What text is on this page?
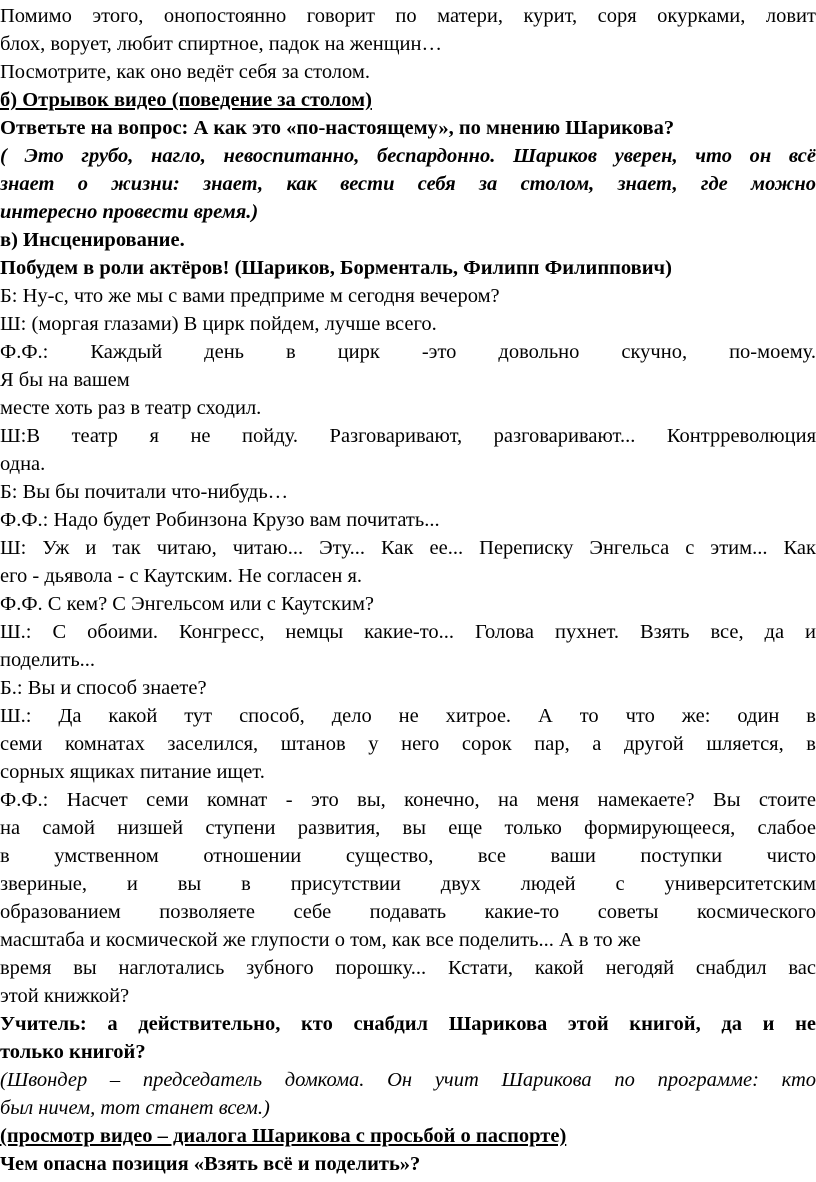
Помимо этого, онопостоянно говорит по матери, курит, соря окурками, ловит
блох, ворует, любит спиртное, падок на женщин…
Посмотрите, как оно ведёт себя за столом.
б) Отрывок видео (поведение за столом)
Ответьте на вопрос: А как это «по-настоящему», по мнению Шарикова?
( Это грубо, нагло, невоспитанно, беспардонно. Шариков уверен, что он всё
знает о жизни: знает, как вести себя за столом, знает, где можно
интересно провести время.)
в) Инсценирование.
Побудем в роли актёров! (Шариков, Борменталь, Филипп Филиппович)
Б: Ну-с, что же мы с вами предприме м сегодня вечером?
Ш: (моргая глазами) В цирк пойдем, лучше всего.
Ф.Ф.: Каждый день в цирк -это довольно скучно, по-моему.
Я бы на вашем
месте хоть раз в театр сходил.
Ш:В театр я не пойду. Разговаривают, разговаривают... Контрреволюция
одна.
Б: Вы бы почитали что-нибудь…
Ф.Ф.: Надо будет Робинзона Крузо вам почитать...
Ш: Уж и так читаю, читаю... Эту... Как ее... Переписку Энгельса с этим... Как
его - дьявола - с Каутским. Не согласен я.
Ф.Ф. С кем? С Энгельсом или с Каутским?
Ш.: С обоими. Конгресс, немцы какие-то... Голова пухнет. Взять все, да и
поделить...
Б.: Вы и способ знаете?
Ш.: Да какой тут способ, дело не хитрое. А то что же: один в
семи комнатах заселился, штанов у него сорок пар, а другой шляется, в
сорных ящиках питание ищет.
Ф.Ф.: Насчет семи комнат - это вы, конечно, на меня намекаете? Вы стоите
на самой низшей ступени развития, вы еще только формирующееся, слабое
в умственном отношении существо, все ваши поступки чисто
звериные, и вы в присутствии двух людей с университетским
образованием позволяете себе подавать какие-то советы космического
масштаба и космической же глупости о том, как все поделить... А в то же
время вы наглотались зубного порошку... Кстати, какой негодяй снабдил вас
этой книжкой?
Учитель: а действительно, кто снабдил Шарикова этой книгой, да и не
только книгой?
(Швондер – председатель домкома. Он учит Шарикова по программе: кто
был ничем, тот станет всем.)
(просмотр видео – диалога Шарикова с просьбой о паспорте)
Чем опасна позиция «Взять всё и поделить»?
